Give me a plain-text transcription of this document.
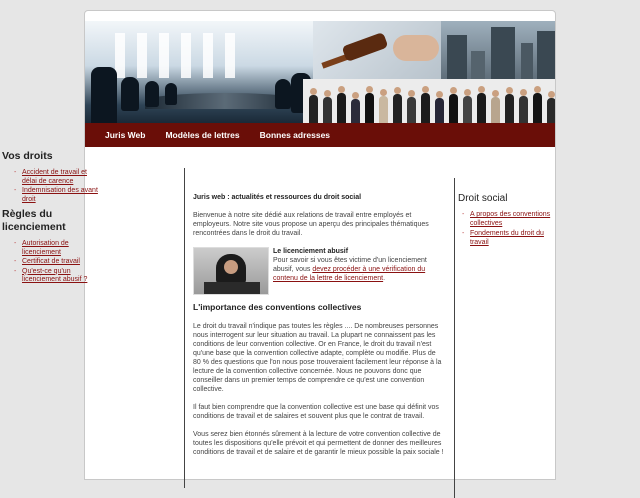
Juris Web	Modèles de lettres	Bonnes adresses
Vos droits
- Accident de travail et délai de carence
- Indemnisation des avant droit
Règles du licenciement
- Autorisation de licenciement
- Certificat de travail
- Qu'est-ce qu'un licenciement abusif ?
Juris web : actualités et ressources du droit social

Bienvenue à notre site dédié aux relations de travail entre employés et employeurs. Notre site vous propose un aperçu des principales thématiques rencontrées dans le droit du travail.

Le licenciement abusif
Pour savoir si vous êtes victime d'un licenciement abusif, vous devez procéder à une vérification du contenu de la lettre de licenciement.
L'importance des conventions collectives

Le droit du travail n'indique pas toutes les règles .... De nombreuses personnes nous interrogent sur leur situation au travail. La plupart ne connaissent pas les conditions de leur convention collective. Or en France, le droit du travail n'est qu'une base que la convention collective adapte, complète ou modifie. Plus de 80 % des questions que l'on nous pose trouveraient facilement leur réponse à la lecture de la convention collective concernée. Nous ne pouvons donc que conseiller dans un premier temps de comprendre ce qu'est une convention collective.

Il faut bien comprendre que la convention collective est une base qui définit vos conditions de travail et de salaires et souvent plus que le contrat de travail.

Vous serez bien étonnés sûrement à la lecture de votre convention collective de toutes les dispositions qu'elle prévoit et qui permettent de donner des meilleures conditions de travail et de salaire et de garantir le mieux possible la paix sociale !

Droit social
- A propos des conventions collectives
- Fondements du droit du travail
